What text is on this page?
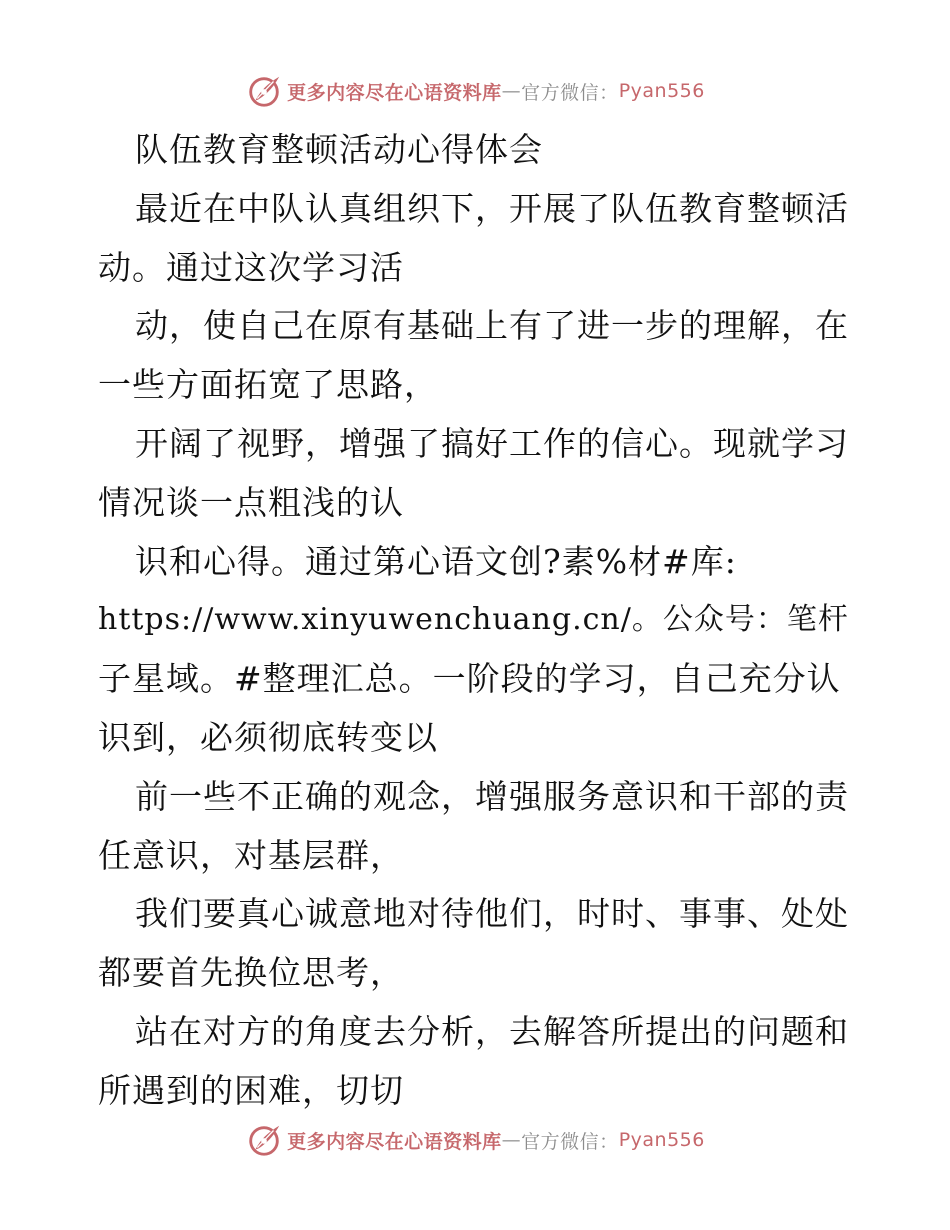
更多内容尽在心语资料库 — 官方微信： Pyan556
队伍教育整顿活动心得体会
最近在中队认真组织下，开展了队伍教育整顿活
动。通过这次学习活
动，使自己在原有基础上有了进一步的理解，在
一些方面拓宽了思路，
开阔了视野，增强了搞好工作的信心。现就学习
情况谈一点粗浅的认
识和心得。通过第心语文创?素%材#库:
https://www.xinyuwenchuang.cn/。公众号：笔杆
子星域。#整理汇总。一阶段的学习，自己充分认
识到，必须彻底转变以
前一些不正确的观念，增强服务意识和干部的责
任意识，对基层群，
我们要真心诚意地对待他们，时时、事事、处处
都要首先换位思考，
站在对方的角度去分析，去解答所提出的问题和
所遇到的困难，切切
更多内容尽在心语资料库 — 官方微信： Pyan556
